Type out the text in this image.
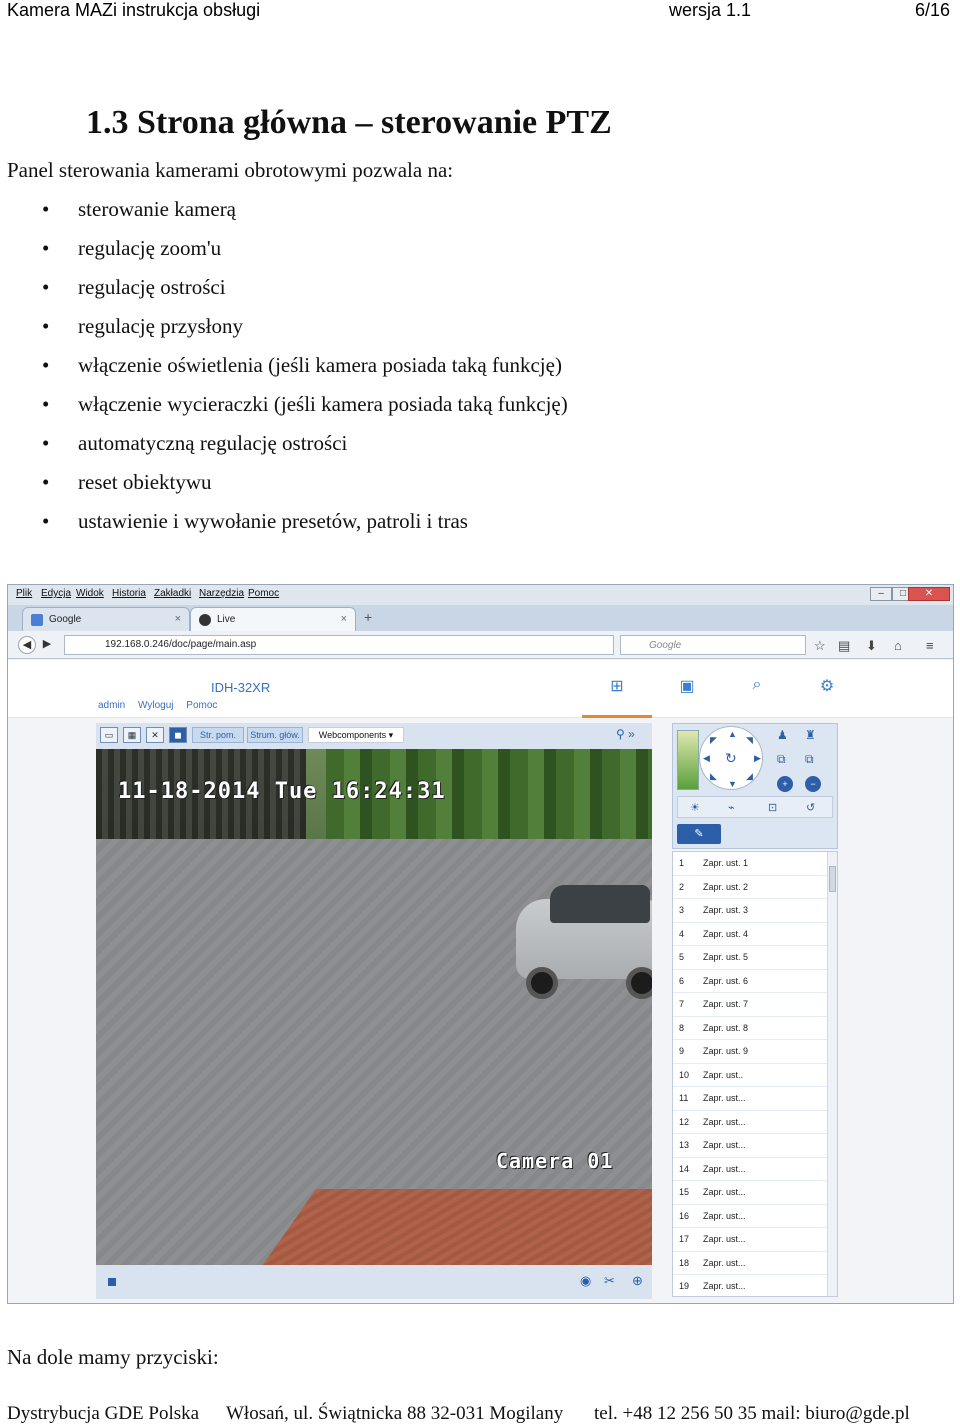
Kamera MAZi instrukcja obsługi	wersja 1.1	6/16
1.3 Strona główna – sterowanie PTZ
Panel sterowania kamerami obrotowymi pozwala na:
• sterowanie kamerą
• regulację zoom'u
• regulację ostrości
• regulację przysłony
• włączenie oświetlenia (jeśli kamera posiada taką funkcję)
• włączenie wycieraczki (jeśli kamera posiada taką funkcję)
• automatyczną regulację ostrości
• reset obiektywu
• ustawienie i wywołanie presetów, patroli i tras
Plik Edycja Widok Historia Zakładki Narzędzia Pomoc	–	□	✕
Google	×	Live	× +
◀	▶	192.168.0.246/doc/page/main.asp	Google	☆ ▤ ⬇ ⌂ ≡
IDH-32XR
admin Wyloguj Pomoc
⊞	▣	⌕	⚙
▭	▦	✕	◼	Str. pom.	Strum. głów.	Webcomponents ▾	⚲ »
11-18-2014 Tue 16:24:31
Camera 01
◉ ✂ ⊕
▲
▼
◀	▶
◤	◥
◣	◢
↻
♟ ♜
⧉ ⧉
+	−
☀	⌁	⊡	↺
✎
1 Zapr. ust. 1
2 Zapr. ust. 2
3 Zapr. ust. 3
4 Zapr. ust. 4
5 Zapr. ust. 5
6 Zapr. ust. 6
7 Zapr. ust. 7
8 Zapr. ust. 8
9 Zapr. ust. 9
10 Zapr. ust..
11 Zapr. ust...
12 Zapr. ust...
13 Zapr. ust...
14 Zapr. ust...
15 Zapr. ust...
16 Zapr. ust...
17 Zapr. ust...
18 Zapr. ust...
19 Zapr. ust...
Na dole mamy przyciski:
Dystrybucja GDE Polska Włosań, ul. Świątnicka 88 32-031 Mogilany tel. +48 12 256 50 35 mail: biuro@gde.pl
